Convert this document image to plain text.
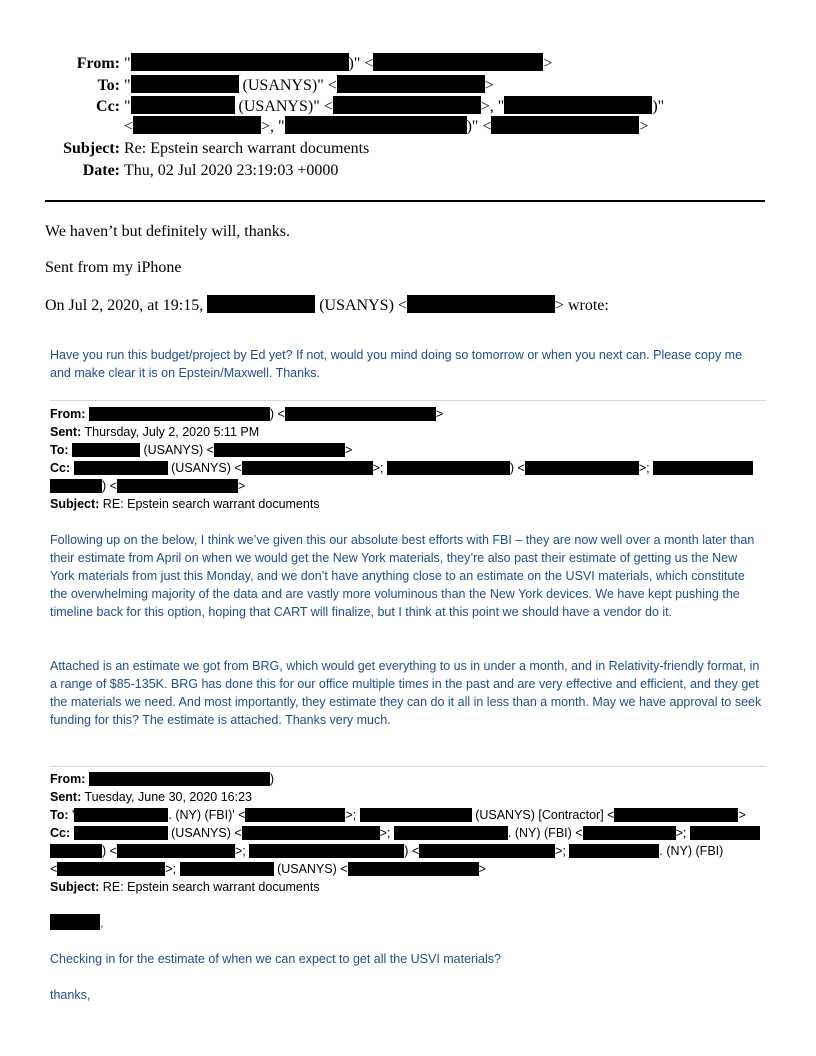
From: "	)" <	>
To: "	(USANYS)" <	>
Cc: "	(USANYS)" <	>, "	)"
<	>, "	)" <	>
Subject: Re: Epstein search warrant documents
Date: Thu, 02 Jul 2020 23:19:03 +0000
We haven’t but definitely will, thanks.
Sent from my iPhone
On Jul 2, 2020, at 19:15,	(USANYS) <	> wrote:
Have you run this budget/project by Ed yet? If not, would you mind doing so tomorrow or when you next can. Please copy me and make clear it is on Epstein/Maxwell. Thanks.
From:	) <	>
Sent: Thursday, July 2, 2020 5:11 PM
To:	(USANYS) <	>
Cc:	(USANYS) <	>;	) <	>;
) <	>
Subject: RE: Epstein search warrant documents
Following up on the below, I think we’ve given this our absolute best efforts with FBI – they are now well over a month later than their estimate from April on when we would get the New York materials, they’re also past their estimate of getting us the New York materials from just this Monday, and we don’t have anything close to an estimate on the USVI materials, which constitute the overwhelming majority of the data and are vastly more voluminous than the New York devices. We have kept pushing the timeline back for this option, hoping that CART will finalize, but I think at this point we should have a vendor do it.
Attached is an estimate we got from BRG, which would get everything to us in under a month, and in Relativity-friendly format, in a range of $85-135K. BRG has done this for our office multiple times in the past and are very effective and efficient, and they get the materials we need. And most importantly, they estimate they can do it all in less than a month. May we have approval to seek funding for this? The estimate is attached. Thanks very much.
From:	)
Sent: Tuesday, June 30, 2020 16:23
To: '	. (NY) (FBI)' <	>;	(USANYS) [Contractor] <	>
Cc:	(USANYS) <	>;	. (NY) (FBI) <	>;
) <	>;	) <	>;	. (NY) (FBI)
<	>;	(USANYS) <	>
Subject: RE: Epstein search warrant documents
,
Checking in for the estimate of when we can expect to get all the USVI materials?
thanks,
